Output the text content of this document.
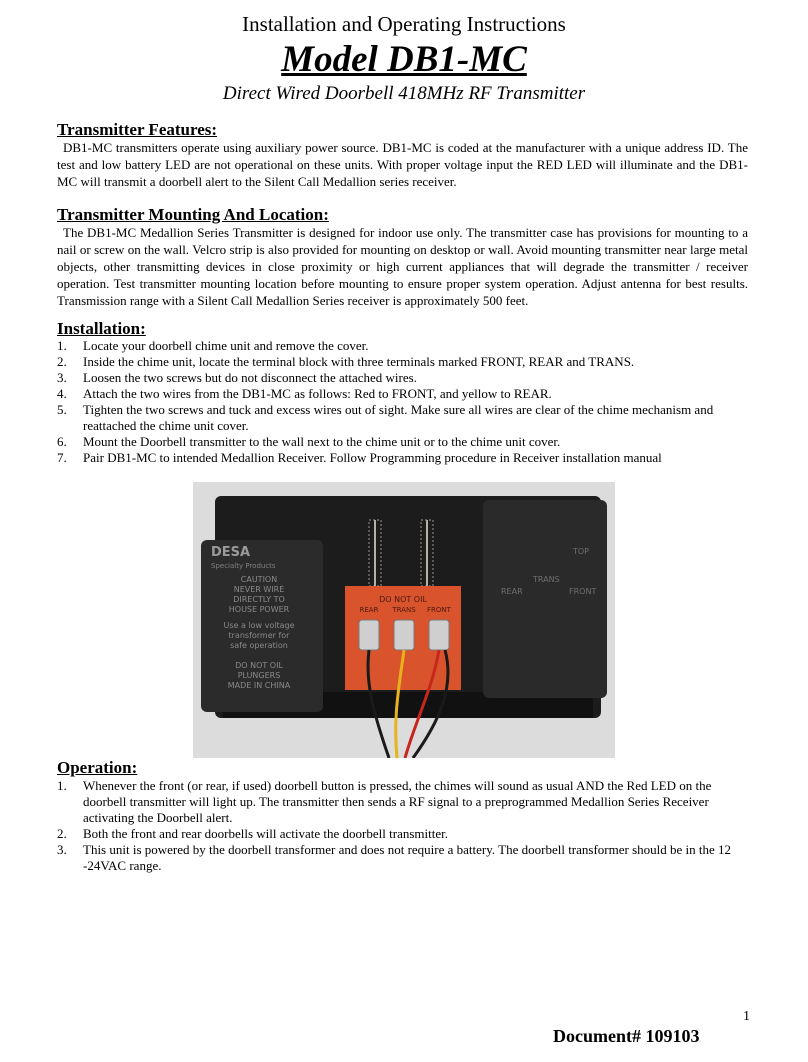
Installation and Operating Instructions

Model DB1-MC

Direct Wired Doorbell 418MHz RF Transmitter

Transmitter Features:

DB1-MC transmitters operate using auxiliary power source. DB1-MC is coded at the manufacturer with a unique address ID. The test and low battery LED are not operational on these units. With proper voltage input the RED LED will illuminate and the DB1-MC will transmit a doorbell alert to the Silent Call Medallion series receiver.

Transmitter Mounting And Location:

The DB1-MC Medallion Series Transmitter is designed for indoor use only. The transmitter case has provisions for mounting to a nail or screw on the wall. Velcro strip is also provided for mounting on desktop or wall. Avoid mounting transmitter near large metal objects, other transmitting devices in close proximity or high current appliances that will degrade the transmitter / receiver operation. Test transmitter mounting location before mounting to ensure proper system operation. Adjust antenna for best results. Transmission range with a Silent Call Medallion Series receiver is approximately 500 feet.

Installation:
1.	Locate your doorbell chime unit and remove the cover.
2.	Inside the chime unit, locate the terminal block with three terminals marked FRONT, REAR and TRANS.
3.	Loosen the two screws but do not disconnect the attached wires.
4.	Attach the two wires from the DB1-MC as follows: Red to FRONT, and yellow to REAR.
5.	Tighten the two screws and tuck and excess wires out of sight. Make sure all wires are clear of the chime mechanism and reattached the chime unit cover.
6.	Mount the Doorbell transmitter to the wall next to the chime unit or to the chime unit cover.
7.	Pair DB1-MC to intended Medallion Receiver. Follow Programming procedure in Receiver installation manual
DESA
Specialty Products
CAUTION
NEVER WIRE
DIRECTLY TO
HOUSE POWER
Use a low voltage
transformer for
safe operation
DO NOT OIL
PLUNGERS
MADE IN CHINA
REAR
TRANS
FRONT
TOP
DO NOT OIL
REAR TRANS FRONT
Operation:
1.	Whenever the front (or rear, if used) doorbell button is pressed, the chimes will sound as usual AND the Red LED on the doorbell transmitter will light up. The transmitter then sends a RF signal to a preprogrammed Medallion Series Receiver activating the Doorbell alert.
2.	Both the front and rear doorbells will activate the doorbell transmitter.
3.	This unit is powered by the doorbell transformer and does not require a battery. The doorbell transformer should be in the 12 -24VAC range.

1

Document# 109103
